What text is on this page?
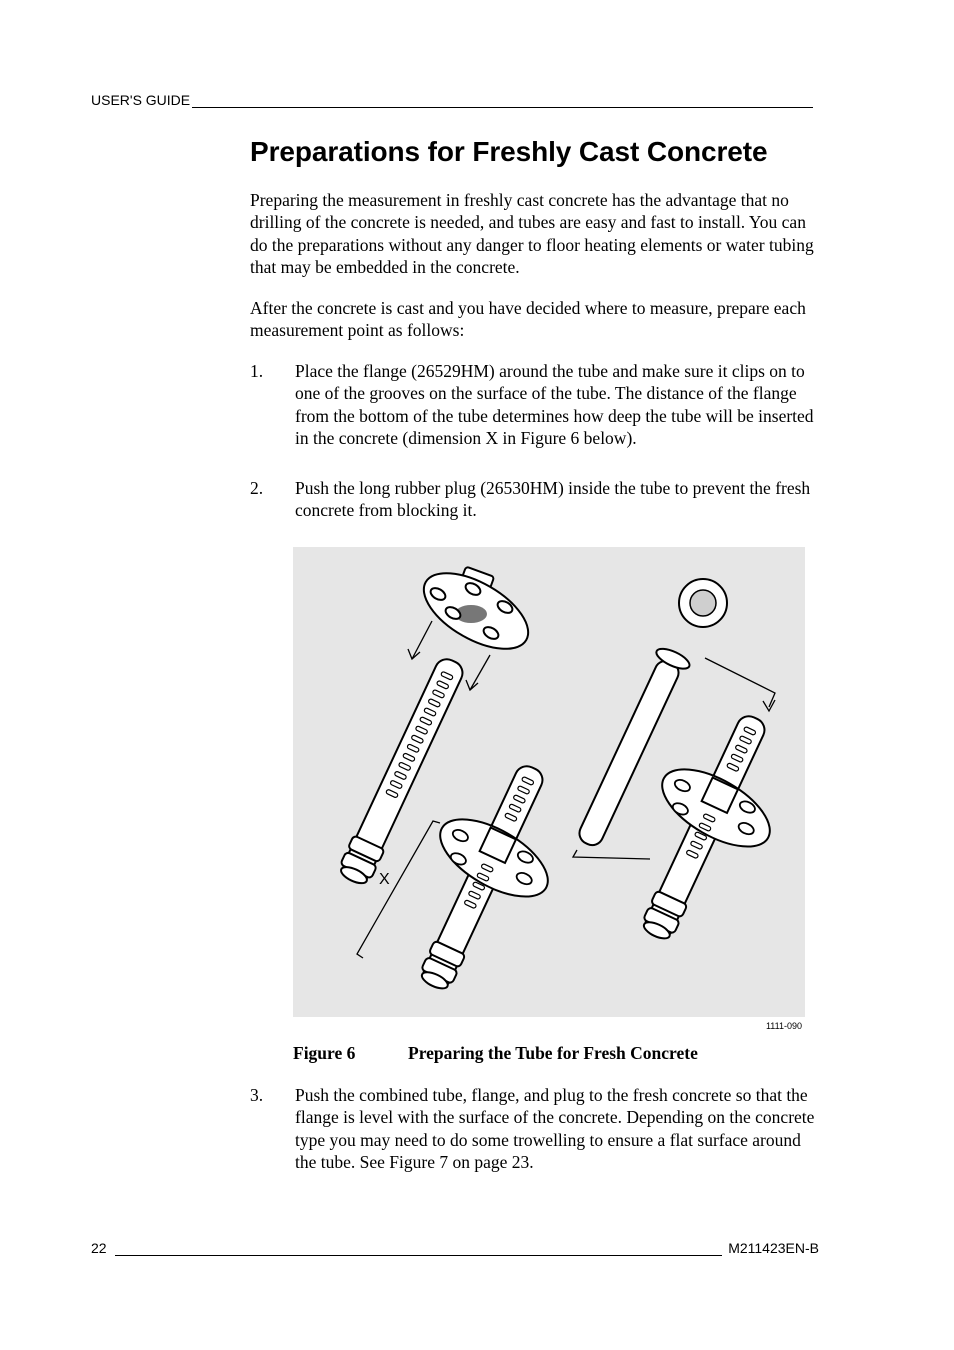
USER'S GUIDE
Preparations for Freshly Cast Concrete

Preparing the measurement in freshly cast concrete has the advantage that no drilling of the concrete is needed, and tubes are easy and fast to install. You can do the preparations without any danger to floor heating elements or water tubing that may be embedded in the concrete.

After the concrete is cast and you have decided where to measure, prepare each measurement point as follows:

1.	Place the flange (26529HM) around the tube and make sure it clips on to one of the grooves on the surface of the tube. The distance of the flange from the bottom of the tube determines how deep the tube will be inserted in the concrete (dimension X in Figure 6 below).
2.	Push the long rubber plug (26530HM) inside the tube to prevent the fresh concrete from blocking it.
X
1111-090
Figure 6	Preparing the Tube for Fresh Concrete
3.	Push the combined tube, flange, and plug to the fresh concrete so that the flange is level with the surface of the concrete. Depending on the concrete type you may need to do some trowelling to ensure a flat surface around the tube. See Figure 7 on page 23.
22	M211423EN-B
